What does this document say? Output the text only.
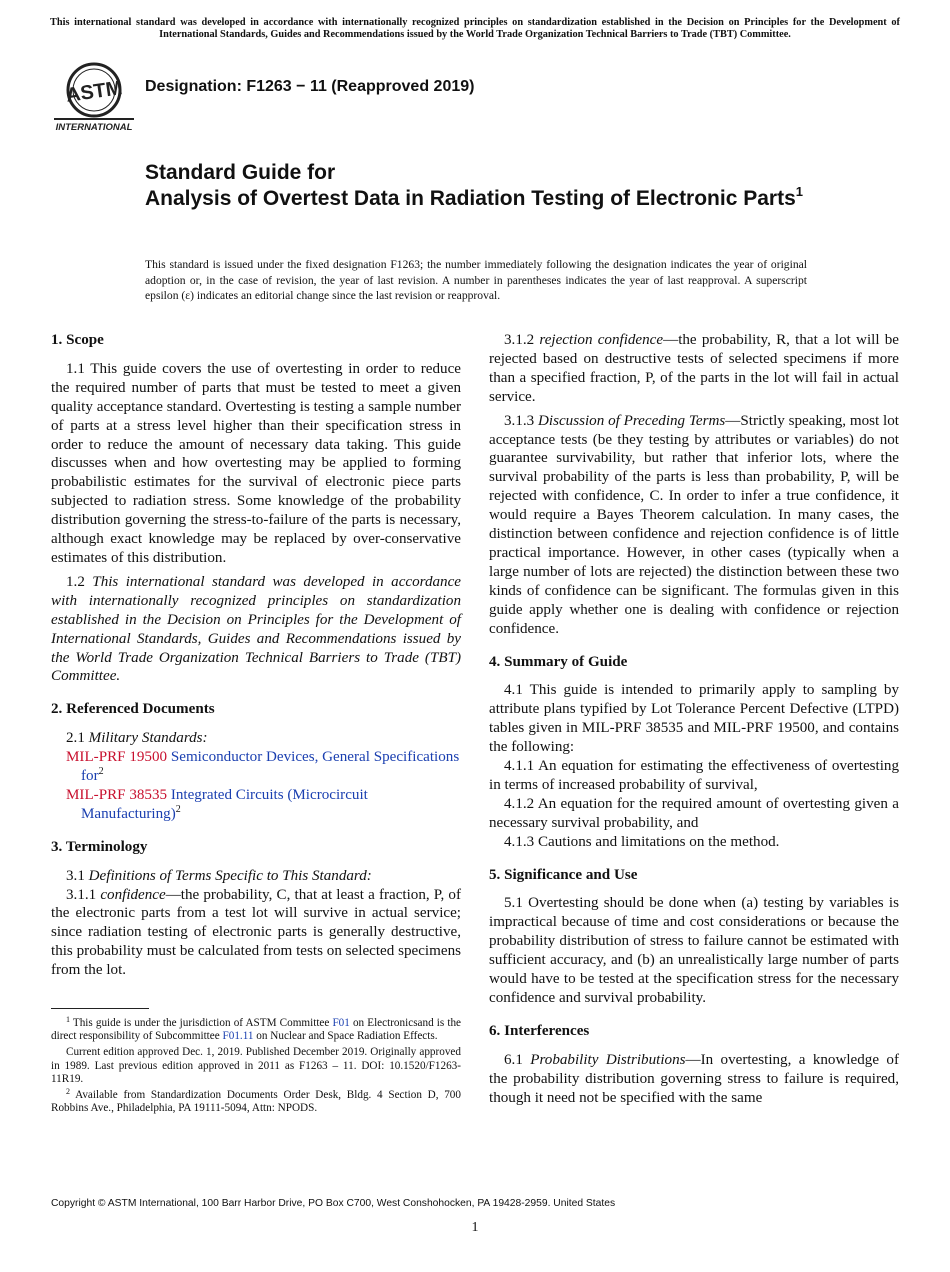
This international standard was developed in accordance with internationally recognized principles on standardization established in the Decision on Principles for the Development of International Standards, Guides and Recommendations issued by the World Trade Organization Technical Barriers to Trade (TBT) Committee.
ASTM
INTERNATIONAL
Designation: F1263 − 11 (Reapproved 2019)
Standard Guide for
Analysis of Overtest Data in Radiation Testing of Electronic Parts$^1$
This standard is issued under the fixed designation F1263; the number immediately following the designation indicates the year of original adoption or, in the case of revision, the year of last revision. A number in parentheses indicates the year of last reapproval. A superscript epsilon (ε) indicates an editorial change since the last revision or reapproval.
1. Scope

1.1 This guide covers the use of overtesting in order to reduce the required number of parts that must be tested to meet a given quality acceptance standard. Overtesting is testing a sample number of parts at a stress level higher than their specification stress in order to reduce the amount of necessary data taking. This guide discusses when and how overtesting may be applied to forming probabilistic estimates for the survival of electronic piece parts subjected to radiation stress. Some knowledge of the probability distribution governing the stress-to-failure of the parts is necessary, although exact knowledge may be replaced by over-conservative estimates of this distribution.

1.2 This international standard was developed in accordance with internationally recognized principles on standardization established in the Decision on Principles for the Development of International Standards, Guides and Recommendations issued by the World Trade Organization Technical Barriers to Trade (TBT) Committee.

2. Referenced Documents

2.1 Military Standards:

MIL-PRF 19500 Semiconductor Devices, General Specifications for$^2$

MIL-PRF 38535 Integrated Circuits (Microcircuit Manufacturing)$^2$

3. Terminology

3.1 Definitions of Terms Specific to This Standard:

3.1.1 confidence—the probability, C, that at least a fraction, P, of the electronic parts from a test lot will survive in actual service; since radiation testing of electronic parts is generally destructive, this probability must be calculated from tests on selected specimens from the lot.

3.1.2 rejection confidence—the probability, R, that a lot will be rejected based on destructive tests of selected specimens if more than a specified fraction, P, of the parts in the lot will fail in actual service.

3.1.3 Discussion of Preceding Terms—Strictly speaking, most lot acceptance tests (be they testing by attributes or variables) do not guarantee survivability, but rather that inferior lots, where the survival probability of the parts is less than probability, P, will be rejected with confidence, C. In order to infer a true confidence, it would require a Bayes Theorem calculation. In many cases, the distinction between confidence and rejection confidence is of little practical importance. However, in other cases (typically when a large number of lots are rejected) the distinction between these two kinds of confidence can be significant. The formulas given in this guide apply whether one is dealing with confidence or rejection confidence.

4. Summary of Guide

4.1 This guide is intended to primarily apply to sampling by attribute plans typified by Lot Tolerance Percent Defective (LTPD) tables given in MIL-PRF 38535 and MIL-PRF 19500, and contains the following:

4.1.1 An equation for estimating the effectiveness of overtesting in terms of increased probability of survival,

4.1.2 An equation for the required amount of overtesting given a necessary survival probability, and

4.1.3 Cautions and limitations on the method.

5. Significance and Use

5.1 Overtesting should be done when (a) testing by variables is impractical because of time and cost considerations or because the probability distribution of stress to failure cannot be estimated with sufficient accuracy, and (b) an unrealistically large number of parts would have to be tested at the specification stress for the necessary confidence and survival probability.

6. Interferences

6.1 Probability Distributions—In overtesting, a knowledge of the probability distribution governing stress to failure is required, though it need not be specified with the same

$^1$ This guide is under the jurisdiction of ASTM Committee F01 on Electronicsand is the direct responsibility of Subcommittee F01.11 on Nuclear and Space Radiation Effects.

Current edition approved Dec. 1, 2019. Published December 2019. Originally approved in 1989. Last previous edition approved in 2011 as F1263 – 11. DOI: 10.1520/F1263-11R19.

$^2$ Available from Standardization Documents Order Desk, Bldg. 4 Section D, 700 Robbins Ave., Philadelphia, PA 19111-5094, Attn: NPODS.

Copyright © ASTM International, 100 Barr Harbor Drive, PO Box C700, West Conshohocken, PA 19428-2959. United States
1
